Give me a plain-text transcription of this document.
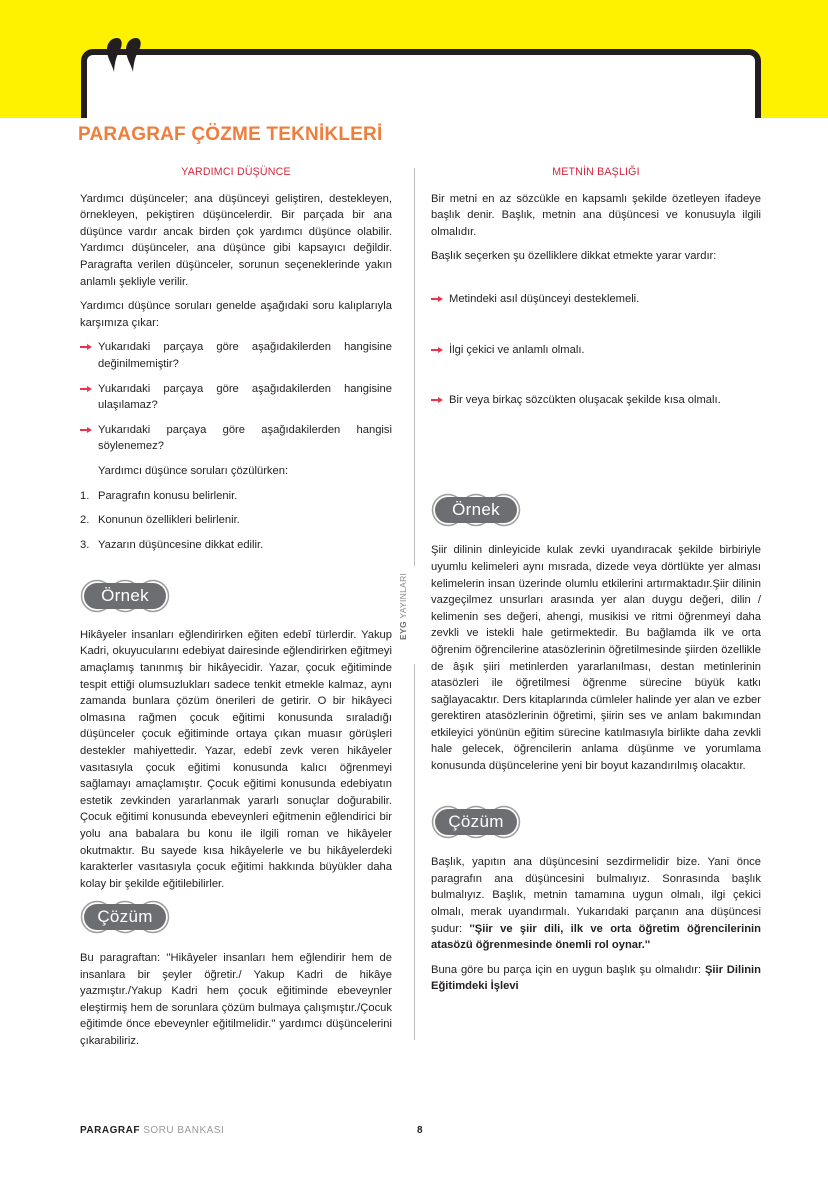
PARAGRAF ÇÖZME TEKNİKLERİ
YARDIMCI DÜŞÜNCE

Yardımcı düşünceler; ana düşünceyi geliştiren, destekleyen, örnekleyen, pekiştiren düşüncelerdir. Bir parçada bir ana düşünce vardır ancak birden çok yardımcı düşünce olabilir. Yardımcı düşünceler, ana düşünce gibi kapsayıcı değildir. Paragrafta verilen düşünceler, sorunun seçeneklerinde yakın anlamlı şekliyle verilir.

Yardımcı düşünce soruları genelde aşağıdaki soru kalıplarıyla karşımıza çıkar:

Yukarıdaki parçaya göre aşağıdakilerden hangisine değinilmemiştir?
Yukarıdaki parçaya göre aşağıdakilerden hangisine ulaşılamaz?
Yukarıdaki parçaya göre aşağıdakilerden hangisi söylenemez?

Yardımcı düşünce soruları çözülürken:

1. Paragrafın konusu belirlenir.
2. Konunun özellikleri belirlenir.
3. Yazarın düşüncesine dikkat edilir.
Örnek

Hikâyeler insanları eğlendirirken eğiten edebî türlerdir. Yakup Kadri, okuyucularını edebiyat dairesinde eğlendirirken eğitmeyi amaçlamış tanınmış bir hikâyecidir. Yazar, çocuk eğitiminde tespit ettiği olumsuzlukları sadece tenkit etmekle kalmaz, aynı zamanda bunlara çözüm önerileri de getirir. O bir hikâyeci olmasına rağmen çocuk eğitimi konusunda sıraladığı düşünceler çocuk eğitiminde ortaya çıkan muasır görüşleri destekler mahiyettedir. Yazar, edebî zevk veren hikâyeler vasıtasıyla çocuk eğitimi konusunda kalıcı öğrenmeyi sağlamayı amaçlamıştır. Çocuk eğitimi konusunda edebiyatın estetik zevkinden yararlanmak yararlı sonuçlar doğurabilir. Çocuk eğitimi konusunda ebeveynleri eğitmenin eğlendirici bir yolu ana babalara bu konu ile ilgili roman ve hikâyeler okutmaktır. Bu sayede kısa hikâyelerle ve bu hikâyelerdeki karakterler vasıtasıyla çocuk eğitimi hakkında büyükler daha kolay bir şekilde eğitilebilirler.

Çözüm

Bu paragraftan: ''Hikâyeler insanları hem eğlendirir hem de insanlara bir şeyler öğretir./ Yakup Kadri de hikâye yazmıştır./Yakup Kadri hem çocuk eğitiminde ebeveynler eleştirmiş hem de sorunlara çözüm bulmaya çalışmıştır./Çocuk eğitimde önce ebeveynler eğitilmelidir.'' yardımcı düşüncelerini çıkarabiliriz.

EYG YAYINLARI
METNİN BAŞLIĞI

Bir metni en az sözcükle en kapsamlı şekilde özetleyen ifadeye başlık denir. Başlık, metnin ana düşüncesi ve konusuyla ilgili olmalıdır.

Başlık seçerken şu özelliklere dikkat etmekte yarar vardır:

Metindeki asıl düşünceyi desteklemeli.
İlgi çekici ve anlamlı olmalı.
Bir veya birkaç sözcükten oluşacak şekilde kısa olmalı.
Örnek

Şiir dilinin dinleyicide kulak zevki uyandıracak şekilde birbiriyle uyumlu kelimeleri aynı mısrada, dizede veya dörtlükte yer alması kelimelerin insan üzerinde olumlu etkilerini artırmaktadır.Şiir dilinin vazgeçilmez unsurları arasında yer alan duygu değeri, dilin / kelimenin ses değeri, ahengi, musikisi ve ritmi öğrenmeyi daha zevkli ve istekli hale getirmektedir. Bu bağlamda ilk ve orta öğrenim öğrencilerine atasözlerinin öğretilmesinde şiirden özellikle de âşık şiiri metinlerden yararlanılması, destan metinlerinin atasözleri ile öğretilmesi öğrenme sürecine büyük katkı sağlayacaktır. Ders kitaplarında cümleler halinde yer alan ve ezber gerektiren atasözlerinin öğretimi, şiirin ses ve anlam bakımından etkileyici yönünün eğitim sürecine katılmasıyla birlikte daha zevkli hale gelecek, öğrencilerin anlama düşünme ve yorumlama konusunda düşüncelerine yeni bir boyut kazandırılmış olacaktır.

Çözüm

Başlık, yapıtın ana düşüncesini sezdirmelidir bize. Yani önce paragrafın ana düşüncesini bulmalıyız. Sonrasında başlık bulmalıyız. Başlık, metnin tamamına uygun olmalı, ilgi çekici olmalı, merak uyandırmalı. Yukarıdaki parçanın ana düşüncesi şudur: ''Şiir ve şiir dili, ilk ve orta öğretim öğrencilerinin atasözü öğrenmesinde önemli rol oynar.''

Buna göre bu parça için en uygun başlık şu olmalıdır: Şiir Dilinin Eğitimdeki İşlevi

PARAGRAF SORU BANKASI	8
